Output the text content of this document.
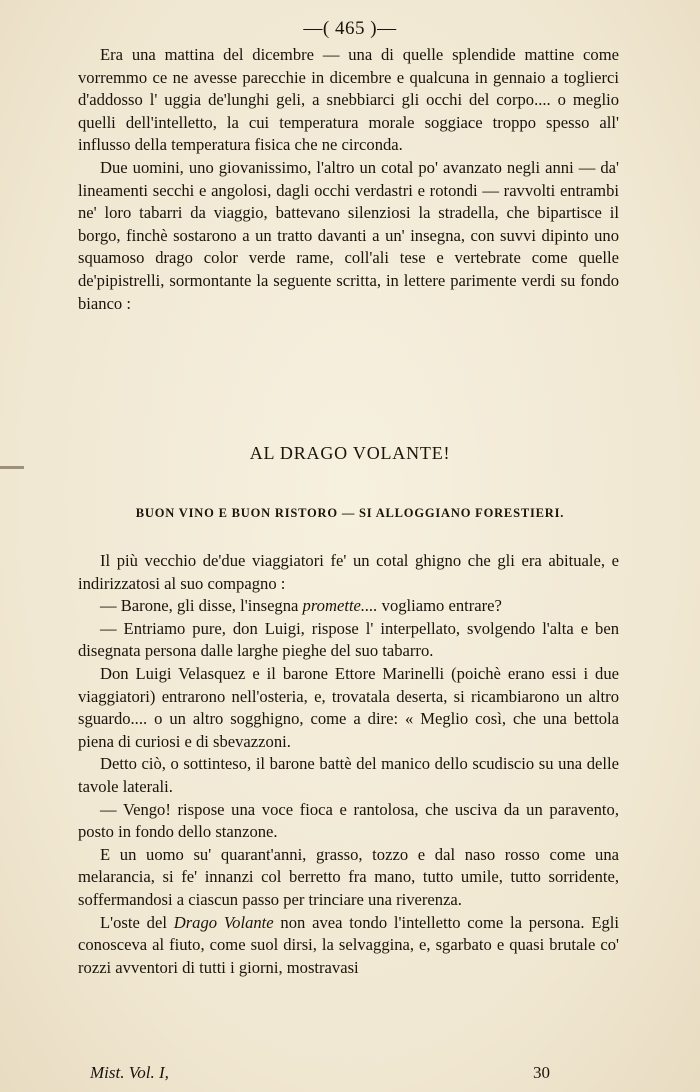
—( 465 )—

Era una mattina del dicembre — una di quelle splendide mattine come vorremmo ce ne avesse parecchie in dicembre e qualcuna in gennaio a toglierci d'addosso l' uggia de'lunghi geli, a snebbiarci gli occhi del corpo.... o meglio quelli dell'intelletto, la cui temperatura morale soggiace troppo spesso all' influsso della temperatura fisica che ne circonda.

Due uomini, uno giovanissimo, l'altro un cotal po' avanzato negli anni — da' lineamenti secchi e angolosi, dagli occhi verdastri e rotondi — ravvolti entrambi ne' loro tabarri da viaggio, battevano silenziosi la stradella, che bipartisce il borgo, finchè sostarono a un tratto davanti a un' insegna, con suvvi dipinto uno squamoso drago color verde rame, coll'ali tese e vertebrate come quelle de'pipistrelli, sormontante la seguente scritta, in lettere parimente verdi su fondo bianco :

AL DRAGO VOLANTE!
BUON VINO E BUON RISTORO — SI ALLOGGIANO FORESTIERI.

Il più vecchio de'due viaggiatori fe' un cotal ghigno che gli era abituale, e indirizzatosi al suo compagno :

— Barone, gli disse, l'insegna promette.... vogliamo entrare?

— Entriamo pure, don Luigi, rispose l' interpellato, svolgendo l'alta e ben disegnata persona dalle larghe pieghe del suo tabarro.

Don Luigi Velasquez e il barone Ettore Marinelli (poichè erano essi i due viaggiatori) entrarono nell'osteria, e, trovatala deserta, si ricambiarono un altro sguardo.... o un altro sogghigno, come a dire: « Meglio così, che una bettola piena di curiosi e di sbevazzoni.

Detto ciò, o sottinteso, il barone battè del manico dello scudiscio su una delle tavole laterali.

— Vengo! rispose una voce fioca e rantolosa, che usciva da un paravento, posto in fondo dello stanzone.

E un uomo su' quarant'anni, grasso, tozzo e dal naso rosso come una melarancia, si fe' innanzi col berretto fra mano, tutto umile, tutto sorridente, soffermandosi a ciascun passo per trinciare una riverenza.

L'oste del Drago Volante non avea tondo l'intelletto come la persona. Egli conosceva al fiuto, come suol dirsi, la selvaggina, e, sgarbato e quasi brutale co' rozzi avventori di tutti i giorni, mostravasi

Mist. Vol. I,	30
